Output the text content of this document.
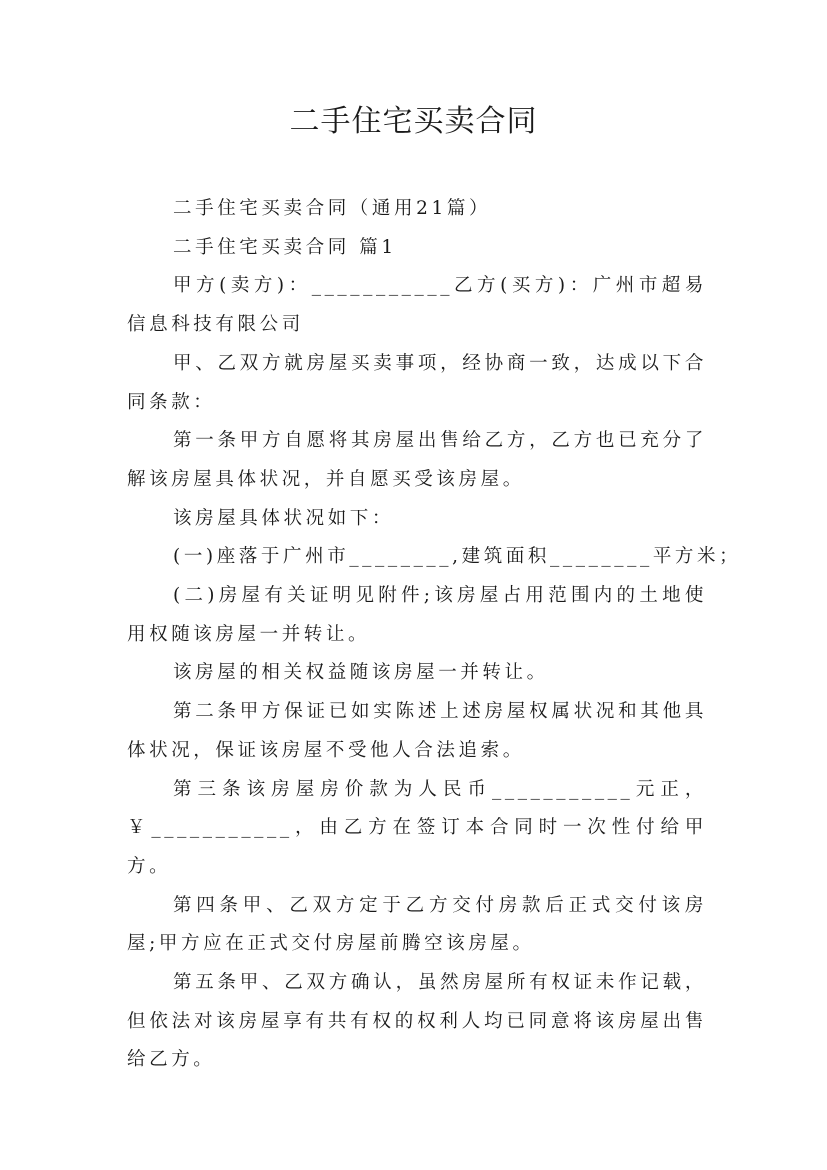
二手住宅买卖合同

二手住宅买卖合同（通用21篇）

二手住宅买卖合同 篇1

甲方(卖方)：___________乙方(买方)：广州市超易信息科技有限公司

甲、乙双方就房屋买卖事项，经协商一致，达成以下合同条款：

第一条甲方自愿将其房屋出售给乙方，乙方也已充分了解该房屋具体状况，并自愿买受该房屋。

该房屋具体状况如下：

(一)座落于广州市________,建筑面积________平方米；

(二)房屋有关证明见附件;该房屋占用范围内的土地使用权随该房屋一并转让。

该房屋的相关权益随该房屋一并转让。

第二条甲方保证已如实陈述上述房屋权属状况和其他具体状况，保证该房屋不受他人合法追索。

第三条该房屋房价款为人民币___________元正，￥___________，由乙方在签订本合同时一次性付给甲方。

第四条甲、乙双方定于乙方交付房款后正式交付该房屋;甲方应在正式交付房屋前腾空该房屋。

第五条甲、乙双方确认，虽然房屋所有权证未作记载，但依法对该房屋享有共有权的权利人均已同意将该房屋出售给乙方。
